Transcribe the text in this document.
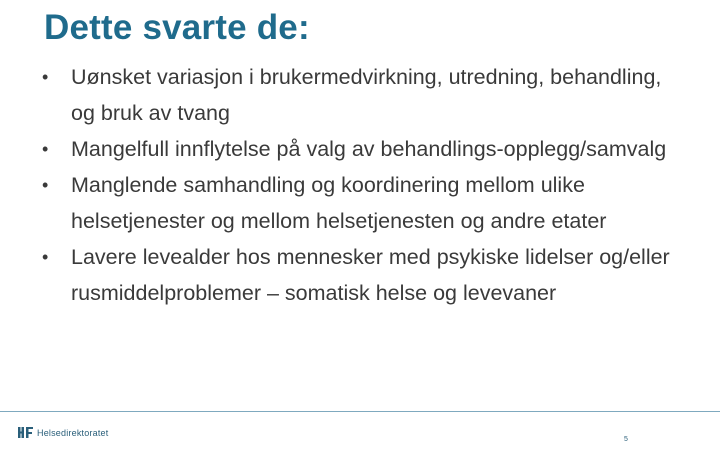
Dette svarte de:
•	Uønsket variasjon i brukermedvirkning, utredning, behandling, og bruk av tvang
•	Mangelfull innflytelse på valg av behandlings-opplegg/samvalg
•	Manglende samhandling og koordinering mellom ulike helsetjenester og mellom helsetjenesten og andre etater
•	Lavere levealder hos mennesker med psykiske lidelser og/eller rusmiddelproblemer – somatisk helse og levevaner
Helsedirektoratet
5
